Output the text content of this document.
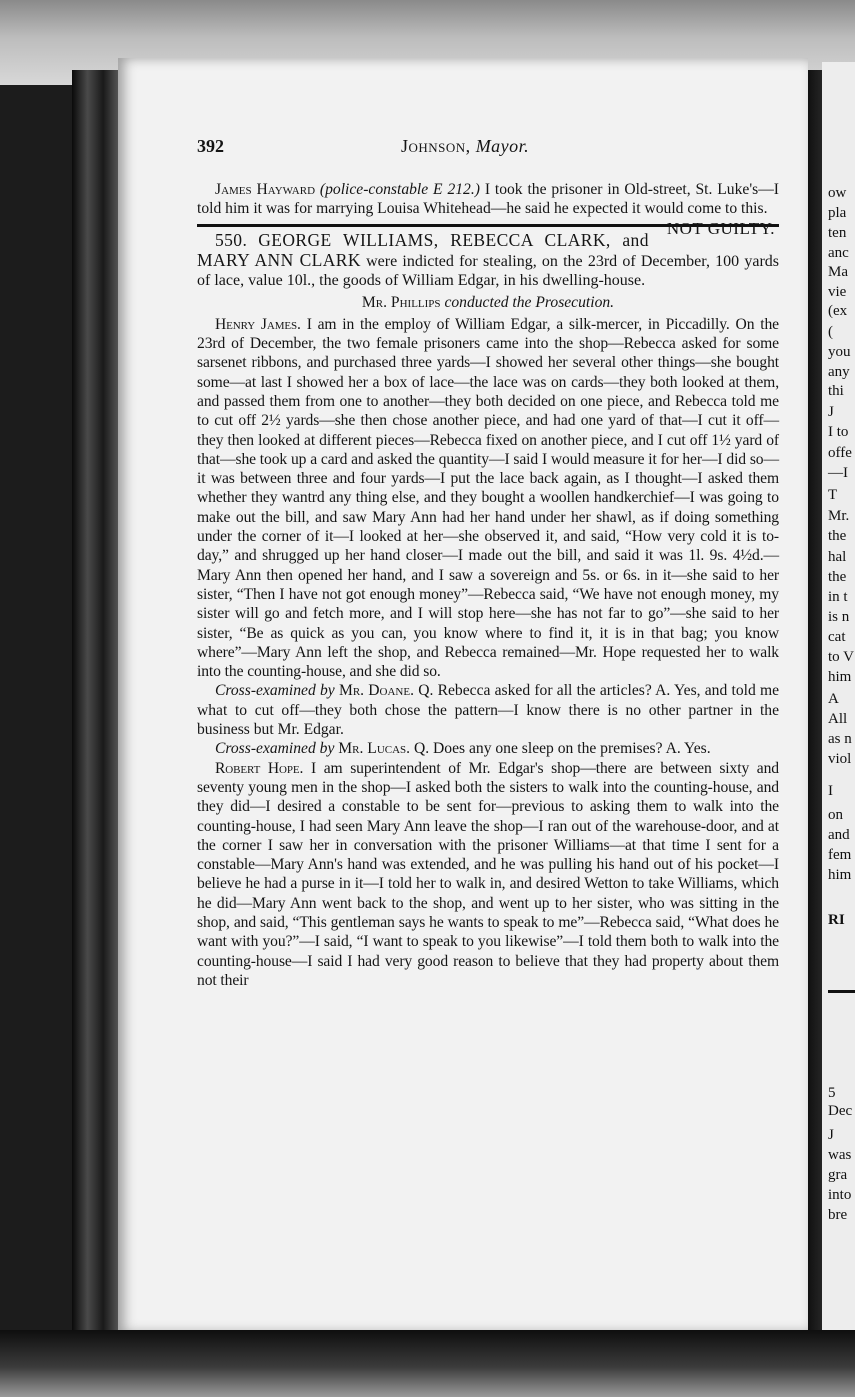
ow
pla
ten
anc
Ma
vie
(ex
(
you
any
thi
J
I to
offe
—I
T
Mr.
the
hal
the
in t
is n
cat
to V
him
A
All
as n
viol
I
on
and
fem
him
RI
5
Dec
J
was
gra
into
bre
392	Johnson, Mayor.

James Hayward (police-constable E 212.) I took the prisoner in Old-street, St. Luke's—I told him it was for marrying Louisa Whitehead—he said he expected it would come to this.
NOT GUILTY.

550. GEORGE WILLIAMS, REBECCA CLARK, and MARY ANN CLARK were indicted for stealing, on the 23rd of December, 100 yards of lace, value 10l., the goods of William Edgar, in his dwelling-house.

Mr. Phillips conducted the Prosecution.

Henry James. I am in the employ of William Edgar, a silk-mercer, in Piccadilly. On the 23rd of December, the two female prisoners came into the shop—Rebecca asked for some sarsenet ribbons, and purchased three yards—I showed her several other things—she bought some—at last I showed her a box of lace—the lace was on cards—they both looked at them, and passed them from one to another—they both decided on one piece, and Rebecca told me to cut off 2½ yards—she then chose another piece, and had one yard of that—I cut it off—they then looked at different pieces—Rebecca fixed on another piece, and I cut off 1½ yard of that—she took up a card and asked the quantity—I said I would measure it for her—I did so—it was between three and four yards—I put the lace back again, as I thought—I asked them whether they wantrd any thing else, and they bought a woollen handkerchief—I was going to make out the bill, and saw Mary Ann had her hand under her shawl, as if doing something under the corner of it—I looked at her—she observed it, and said, “How very cold it is to-day,” and shrugged up her hand closer—I made out the bill, and said it was 1l. 9s. 4½d.—Mary Ann then opened her hand, and I saw a sovereign and 5s. or 6s. in it—she said to her sister, “Then I have not got enough money”—Rebecca said, “We have not enough money, my sister will go and fetch more, and I will stop here—she has not far to go”—she said to her sister, “Be as quick as you can, you know where to find it, it is in that bag; you know where”—Mary Ann left the shop, and Rebecca remained—Mr. Hope requested her to walk into the counting-house, and she did so.

Cross-examined by Mr. Doane. Q. Rebecca asked for all the articles? A. Yes, and told me what to cut off—they both chose the pattern—I know there is no other partner in the business but Mr. Edgar.

Cross-examined by Mr. Lucas. Q. Does any one sleep on the premises? A. Yes.

Robert Hope. I am superintendent of Mr. Edgar's shop—there are between sixty and seventy young men in the shop—I asked both the sisters to walk into the counting-house, and they did—I desired a constable to be sent for—previous to asking them to walk into the counting-house, I had seen Mary Ann leave the shop—I ran out of the warehouse-door, and at the corner I saw her in conversation with the prisoner Williams—at that time I sent for a constable—Mary Ann's hand was extended, and he was pulling his hand out of his pocket—I believe he had a purse in it—I told her to walk in, and desired Wetton to take Williams, which he did—Mary Ann went back to the shop, and went up to her sister, who was sitting in the shop, and said, “This gentleman says he wants to speak to me”—Rebecca said, “What does he want with you?”—I said, “I want to speak to you likewise”—I told them both to walk into the counting-house—I said I had very good reason to believe that they had property about them not their
